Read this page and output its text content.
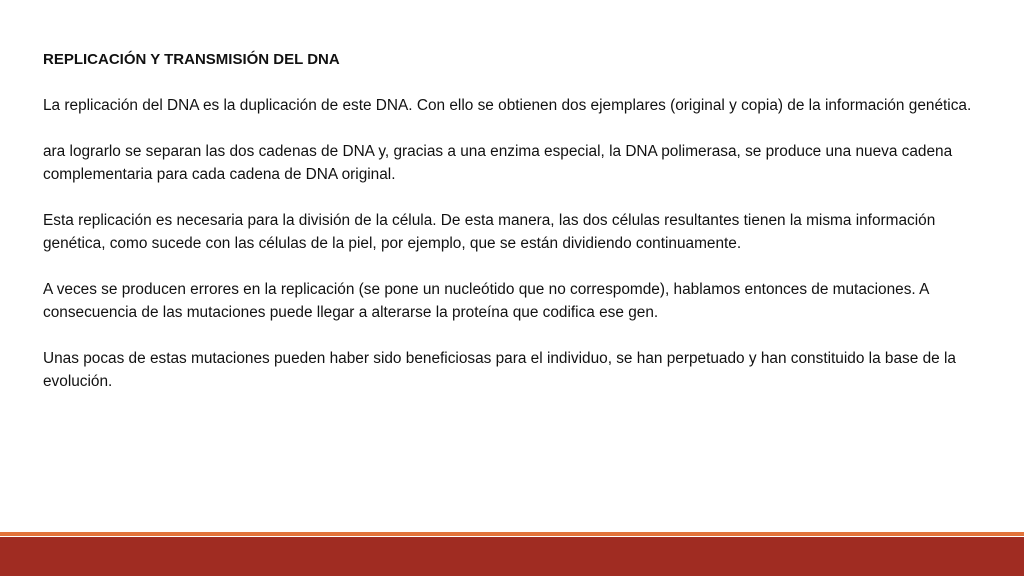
REPLICACIÓN Y TRANSMISIÓN DEL DNA

La replicación del DNA es la duplicación de este DNA. Con ello se obtienen dos ejemplares (original y copia) de la información genética.

ara lograrlo se separan las dos cadenas de DNA y, gracias a una enzima especial, la DNA polimerasa, se produce una nueva cadena complementaria para cada cadena de DNA original.

Esta replicación es necesaria para la división de la célula. De esta manera, las dos células resultantes tienen la misma información genética, como sucede con las células de la piel, por ejemplo, que se están dividiendo continuamente.

A veces se producen errores en la replicación (se pone un nucleótido que no correspomde), hablamos entonces de mutaciones. A consecuencia de las mutaciones puede llegar a alterarse la proteína que codifica ese gen.

Unas pocas de estas mutaciones pueden haber sido beneficiosas para el individuo, se han perpetuado y han constituido la base de la evolución.
